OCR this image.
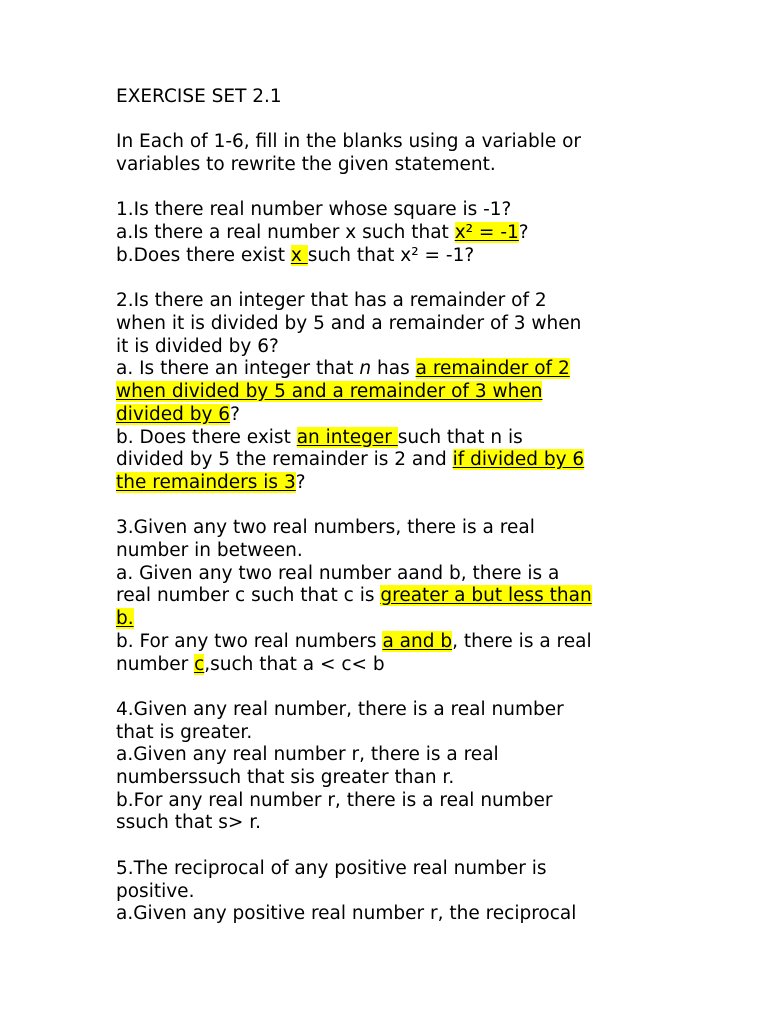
EXERCISE SET 2.1
In Each of 1-6, fill in the blanks using a variable or
variables to rewrite the given statement.
1.Is there real number whose square is -1?
a.Is there a real number x such that x² = -1?
b.Does there exist x such that x² = -1?
2.Is there an integer that has a remainder of 2
when it is divided by 5 and a remainder of 3 when
it is divided by 6?
a. Is there an integer that n has a remainder of 2
when divided by 5 and a remainder of 3 when
divided by 6?
b. Does there exist an integer such that n is
divided by 5 the remainder is 2 and if divided by 6
the remainders is 3?
3.Given any two real numbers, there is a real
number in between.
a. Given any two real number aand b, there is a
real number c such that c is greater a but less than
b.
b. For any two real numbers a and b, there is a real
number c,such that a < c< b
4.Given any real number, there is a real number
that is greater.
a.Given any real number r, there is a real
numberssuch that sis greater than r.
b.For any real number r, there is a real number
ssuch that s> r.
5.The reciprocal of any positive real number is
positive.
a.Given any positive real number r, the reciprocal
